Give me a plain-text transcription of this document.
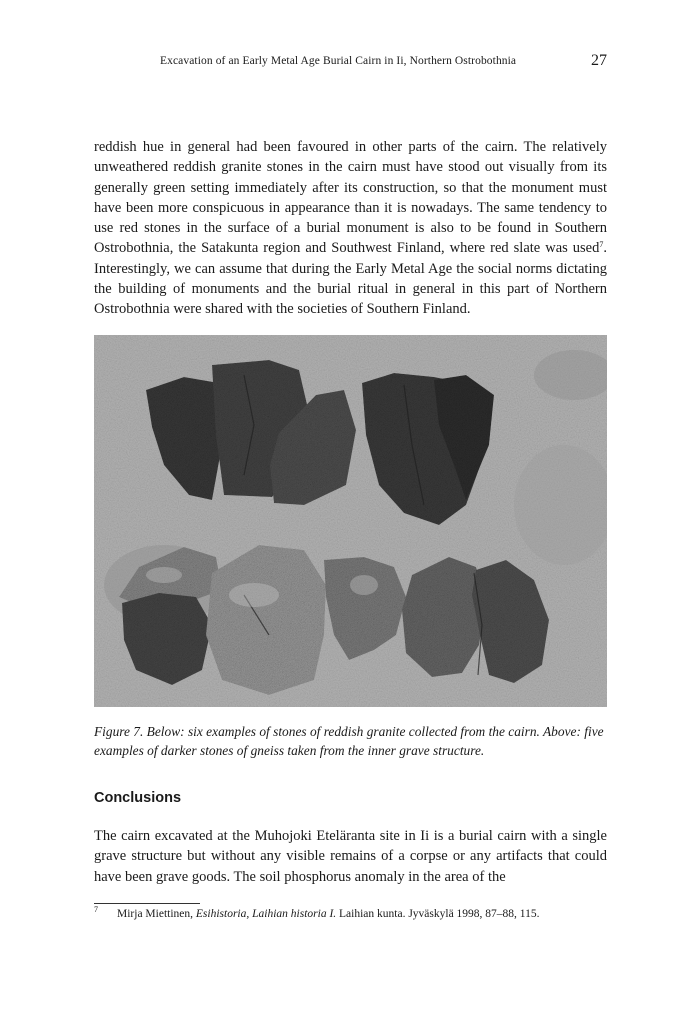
Excavation of an Early Metal Age Burial Cairn in Ii, Northern Ostrobothnia	27

reddish hue in general had been favoured in other parts of the cairn. The relatively unweathered reddish granite stones in the cairn must have stood out visually from its generally green setting immediately after its construction, so that the monument must have been more conspicuous in appearance than it is nowadays. The same tendency to use red stones in the surface of a burial monument is also to be found in Southern Ostrobothnia, the Satakunta region and Southwest Finland, where red slate was used$^7$. Interestingly, we can assume that during the Early Metal Age the social norms dictating the building of monuments and the burial ritual in general in this part of Northern Ostrobothnia were shared with the societies of Southern Finland.

Figure 7. Below: six examples of stones of reddish granite collected from the cairn. Above: five examples of darker stones of gneiss taken from the inner grave structure.

Conclusions

The cairn excavated at the Muhojoki Eteläranta site in Ii is a burial cairn with a single grave structure but without any visible remains of a corpse or any artifacts that could have been grave goods. The soil phosphorus anomaly in the area of the

7 Mirja Miettinen, Esihistoria, Laihian historia I. Laihian kunta. Jyväskylä 1998, 87–88, 115.
